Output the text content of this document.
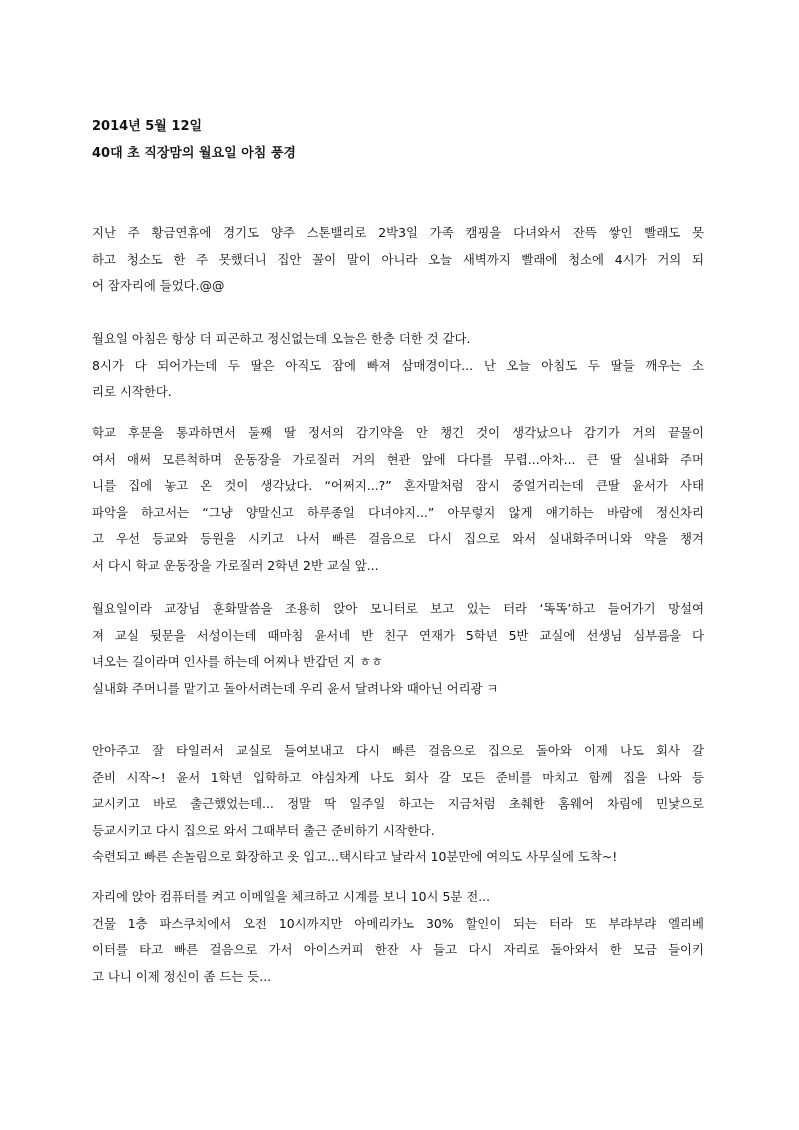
2014년 5월 12일
40대 초 직장맘의 월요일 아침 풍경
지난 주 황금연휴에 경기도 양주 스톤밸리로 2박3일 가족 캠핑을 다녀와서 잔뜩 쌓인 빨래도 못
하고 청소도 한 주 못했더니 집안 꼴이 말이 아니라 오늘 새벽까지 빨래에 청소에 4시가 거의 되
어 잠자리에 들었다.@@
월요일 아침은 항상 더 피곤하고 정신없는데 오늘은 한층 더한 것 같다.
8시가 다 되어가는데 두 딸은 아직도 잠에 빠져 삼매경이다... 난 오늘 아침도 두 딸들 깨우는 소
리로 시작한다.
학교 후문을 통과하면서 둘째 딸 정서의 감기약을 안 챙긴 것이 생각났으나 감기가 거의 끝물이
여서 애써 모른척하며 운동장을 가로질러 거의 현관 앞에 다다를 무렵...아차... 큰 딸 실내화 주머
니를 집에 놓고 온 것이 생각났다. “어쩌지...?” 혼자말처럼 잠시 중얼거리는데 큰딸 윤서가 사태
파악을 하고서는 “그냥 양말신고 하루종일 다녀야지...” 아무렇지 않게 얘기하는 바람에 정신차리
고 우선 등교와 등원을 시키고 나서 빠른 걸음으로 다시 집으로 와서 실내화주머니와 약을 챙겨
서 다시 학교 운동장을 가로질러 2학년 2반 교실 앞...
월요일이라 교장님 훈화말씀을 조용히 앉아 모니터로 보고 있는 터라 ‘똑똑’하고 들어가기 망설여
져 교실 뒷문을 서성이는데 때마침 윤서네 반 친구 연재가 5학년 5반 교실에 선생님 심부름을 다
녀오는 길이라며 인사를 하는데 어찌나 반갑던 지 ㅎㅎ
실내화 주머니를 맡기고 돌아서려는데 우리 윤서 달려나와 때아닌 어리광 ㅋ
안아주고 잘 타일러서 교실로 들여보내고 다시 빠른 걸음으로 집으로 돌아와 이제 나도 회사 갈
준비 시작~! 윤서 1학년 입학하고 야심차게 나도 회사 갈 모든 준비를 마치고 함께 집을 나와 등
교시키고 바로 출근했었는데... 정말 딱 일주일 하고는 지금처럼 초췌한 홈웨어 차림에 민낯으로
등교시키고 다시 집으로 와서 그때부터 출근 준비하기 시작한다.
숙련되고 빠른 손놀림으로 화장하고 옷 입고...택시타고 날라서 10분만에 여의도 사무실에 도착~!
자리에 앉아 컴퓨터를 켜고 이메일을 체크하고 시계를 보니 10시 5분 전...
건물 1층 파스쿠치에서 오전 10시까지만 아메리카노 30% 할인이 되는 터라 또 부랴부랴 엘리베
이터를 타고 빠른 걸음으로 가서 아이스커피 한잔 사 들고 다시 자리로 돌아와서 한 모금 들이키
고 나니 이제 정신이 좀 드는 듯...
